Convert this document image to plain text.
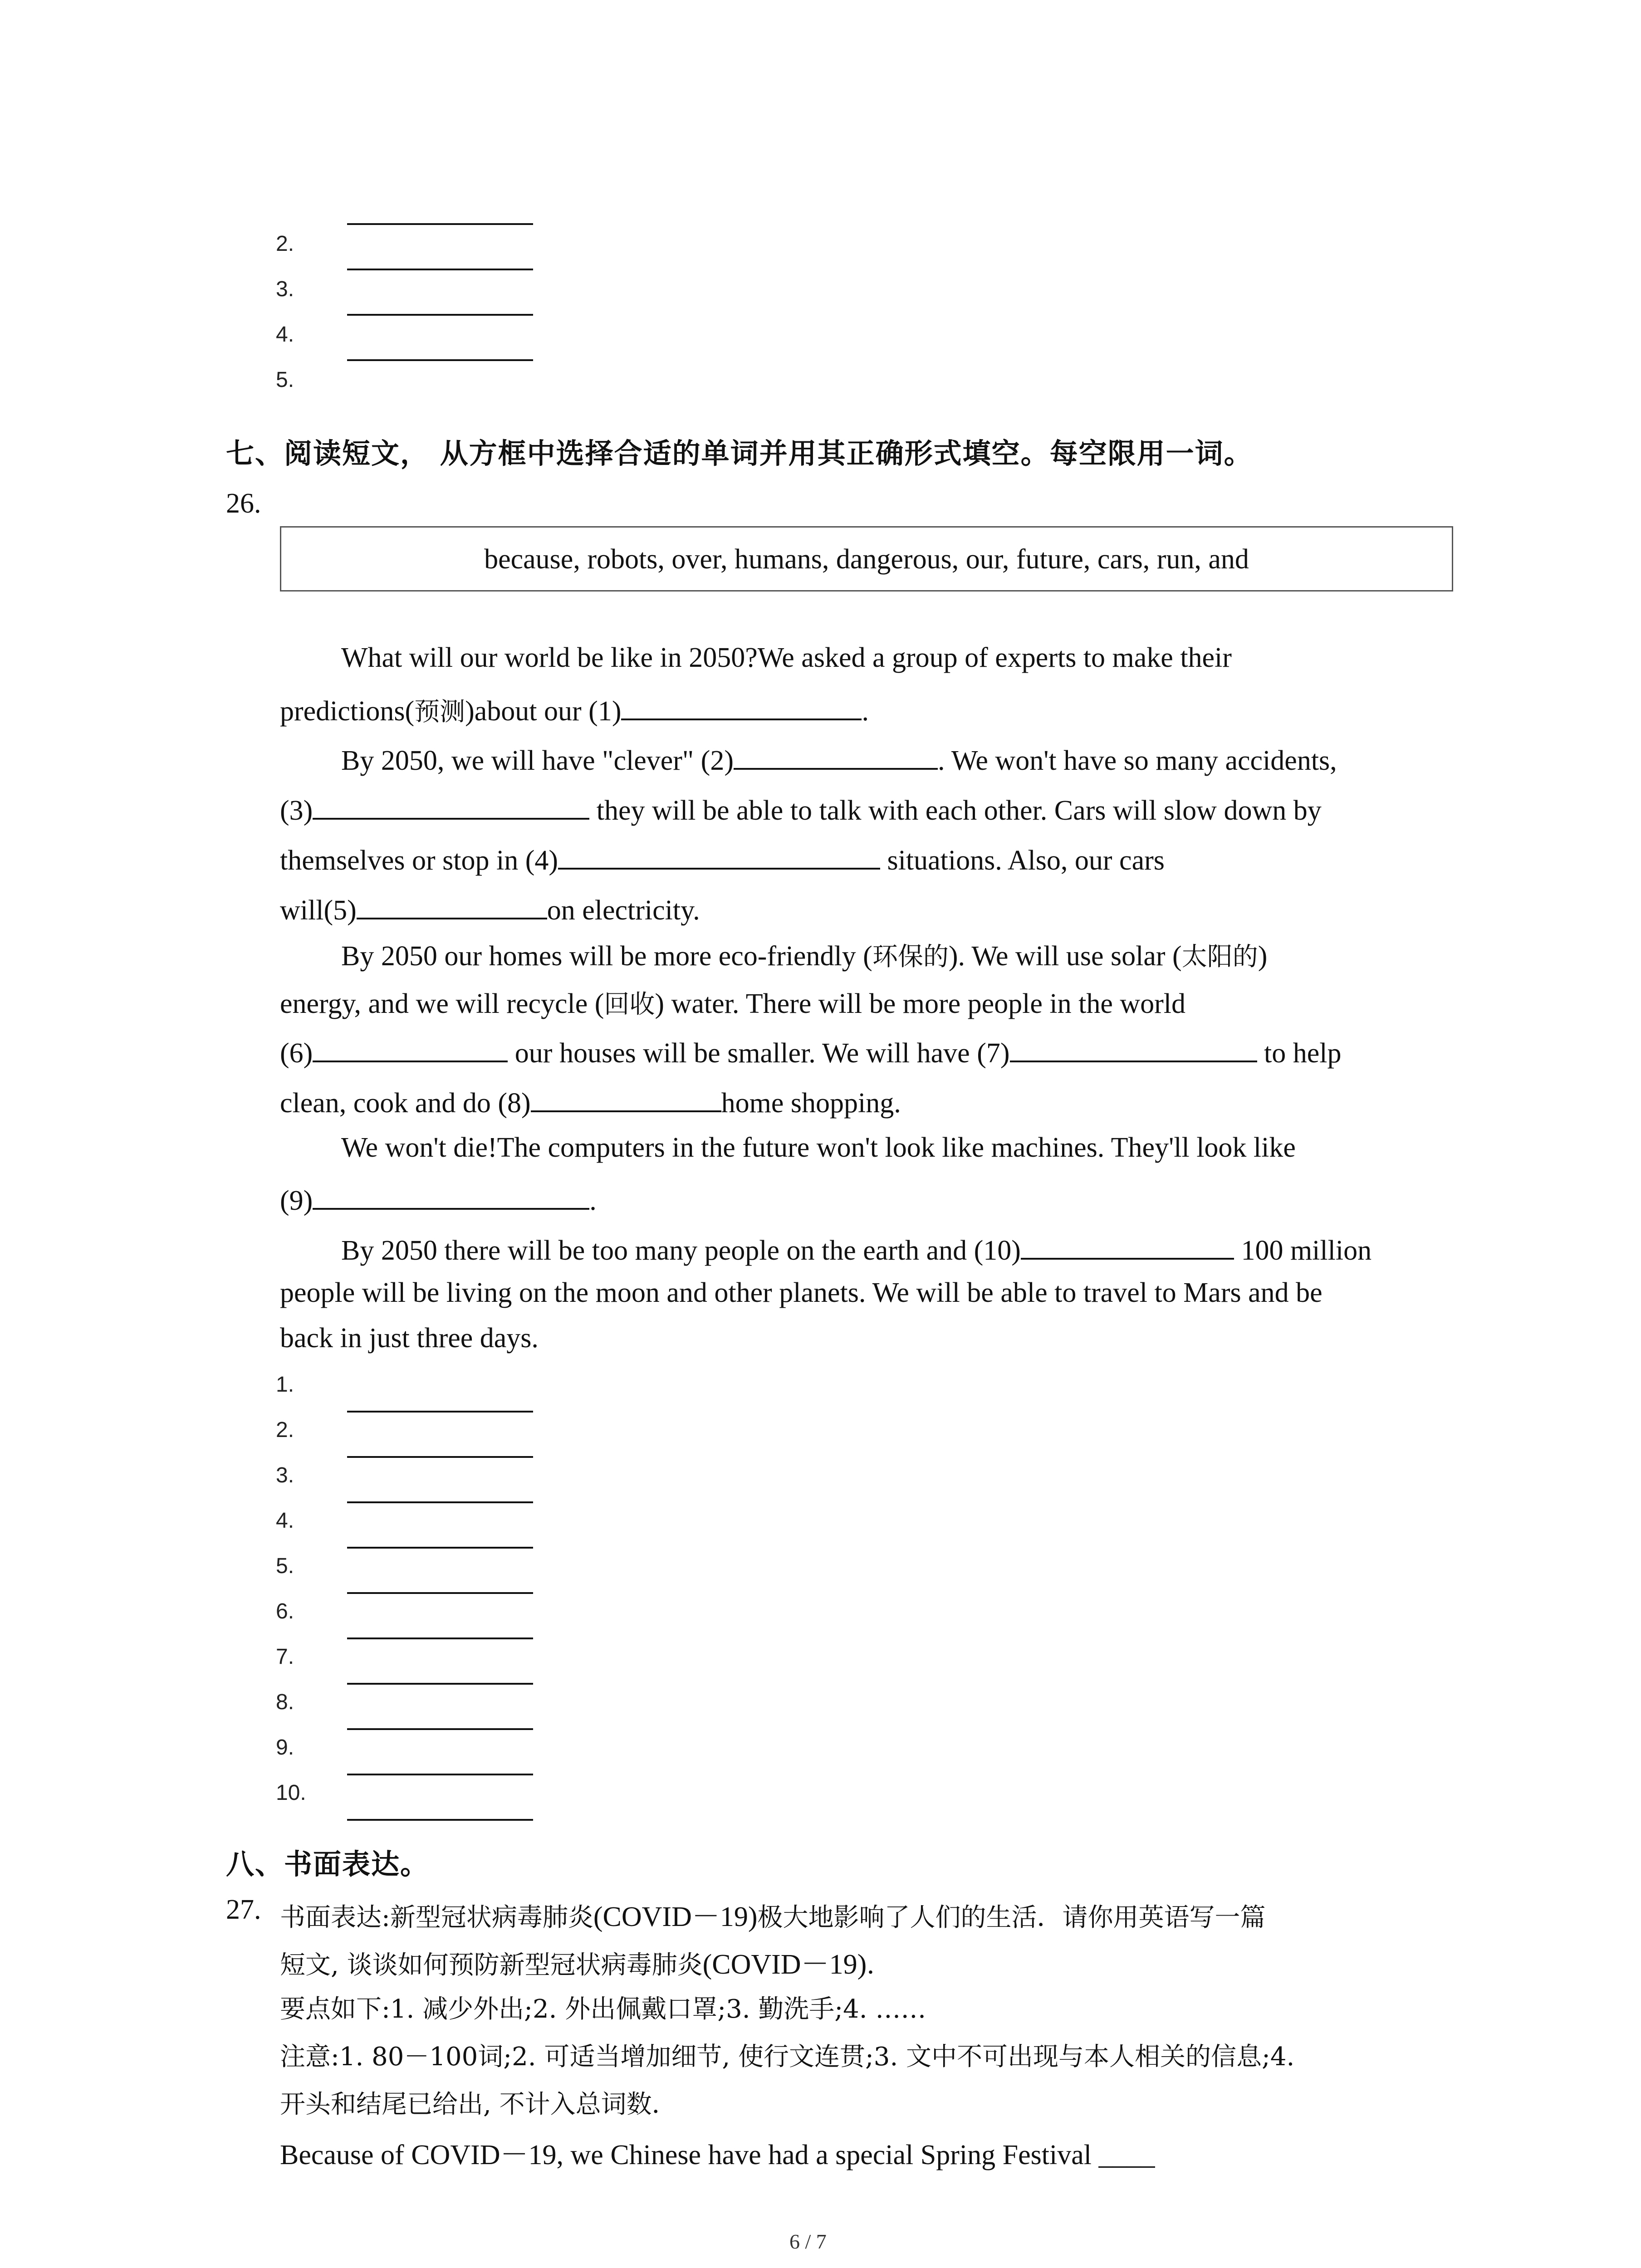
2.
3.
4.
5.
七、阅读短文， 从方框中选择合适的单词并用其正确形式填空。每空限用一词。
26.
because, robots, over, humans, dangerous, our, future, cars, run, and
What will our world be like in 2050?We asked a group of experts to make their
predictions(预测)about our (1)	.
By 2050, we will have "clever" (2)	. We won't have so many accidents,
(3)	they will be able to talk with each other. Cars will slow down by
themselves or stop in (4)	situations. Also, our cars
will(5)	on electricity.
By 2050 our homes will be more eco-friendly (环保的). We will use solar (太阳的)
energy, and we will recycle (回收) water. There will be more people in the world
(6)	our houses will be smaller. We will have (7)	to help
clean, cook and do (8)	home shopping.
We won't die!The computers in the future won't look like machines. They'll look like
(9)	.
By 2050 there will be too many people on the earth and (10)	100 million
people will be living on the moon and other planets. We will be able to travel to Mars and be
back in just three days.
1.
2.
3.
4.
5.
6.
7.
8.
9.
10.
八、书面表达。
27. 书面表达:新型冠状病毒肺炎(COVID－19)极大地影响了人们的生活．请你用英语写一篇
短文, 谈谈如何预防新型冠状病毒肺炎(COVID－19)．
要点如下:1. 减少外出;2. 外出佩戴口罩;3. 勤洗手;4. ……
注意:1. 80－100词;2. 可适当增加细节, 使行文连贯;3. 文中不可出现与本人相关的信息;4.
开头和结尾已给出, 不计入总词数．
Because of COVID－19, we Chinese have had a special Spring Festival ____
6 / 7
